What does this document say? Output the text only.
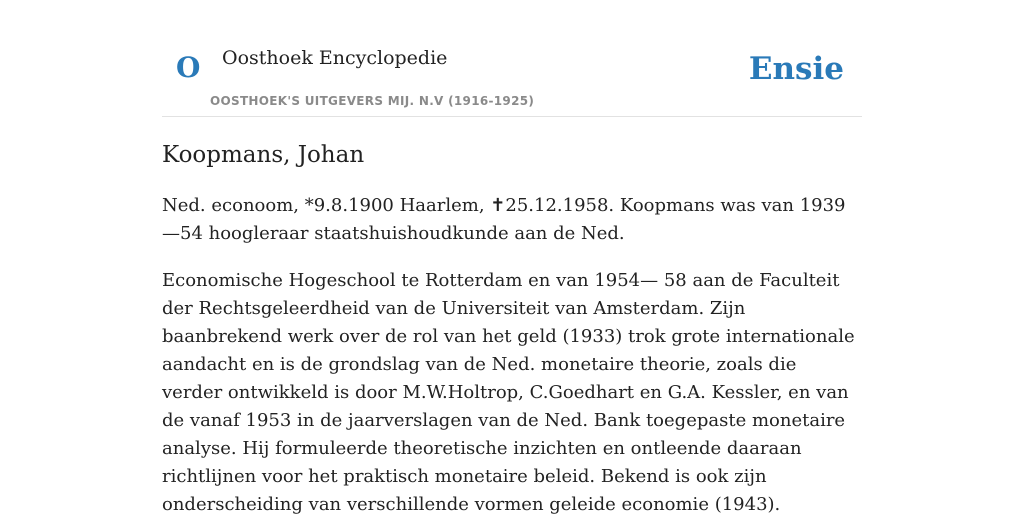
O Oosthoek Encyclopedie
OOSTHOEK'S UITGEVERS MIJ. N.V (1916-1925)
Ensie
Koopmans, Johan

Ned. econoom, *9.8.1900 Haarlem, ✝25.12.1958. Koopmans was van 1939—54 hoogleraar staatshuishoudkunde aan de Ned.

Economische Hogeschool te Rotterdam en van 1954— 58 aan de Faculteit der Rechtsgeleerdheid van de Universiteit van Amsterdam. Zijn baanbrekend werk over de rol van het geld (1933) trok grote internationale aandacht en is de grondslag van de Ned. monetaire theorie, zoals die verder ontwikkeld is door M.W.Holtrop, C.Goedhart en G.A. Kessler, en van de vanaf 1953 in de jaarverslagen van de Ned. Bank toegepaste monetaire analyse. Hij formuleerde theoretische inzichten en ontleende daaraan richtlijnen voor het praktisch monetaire beleid. Bekend is ook zijn onderscheiding van verschillende vormen geleide economie (1943).
